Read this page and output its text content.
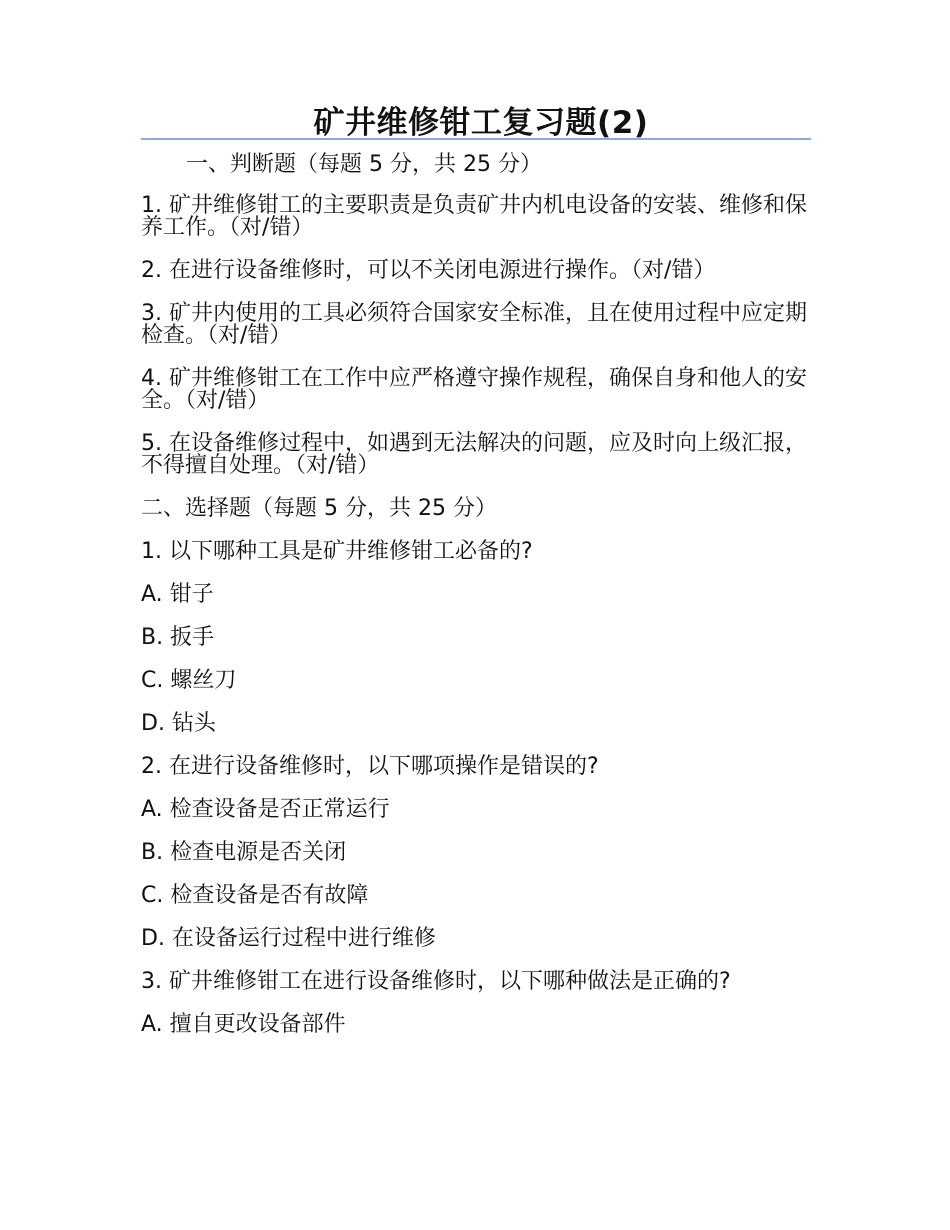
矿井维修钳工复习题(2)

一、判断题（每题 5 分，共 25 分）

1. 矿井维修钳工的主要职责是负责矿井内机电设备的安装、维修和保养工作。（对/错）

2. 在进行设备维修时，可以不关闭电源进行操作。（对/错）

3. 矿井内使用的工具必须符合国家安全标准，且在使用过程中应定期检查。（对/错）

4. 矿井维修钳工在工作中应严格遵守操作规程，确保自身和他人的安全。（对/错）

5. 在设备维修过程中，如遇到无法解决的问题，应及时向上级汇报，不得擅自处理。（对/错）

二、选择题（每题 5 分，共 25 分）

1. 以下哪种工具是矿井维修钳工必备的?

A. 钳子

B. 扳手

C. 螺丝刀

D. 钻头

2. 在进行设备维修时，以下哪项操作是错误的?

A. 检查设备是否正常运行

B. 检查电源是否关闭

C. 检查设备是否有故障

D. 在设备运行过程中进行维修

3. 矿井维修钳工在进行设备维修时，以下哪种做法是正确的?

A. 擅自更改设备部件
